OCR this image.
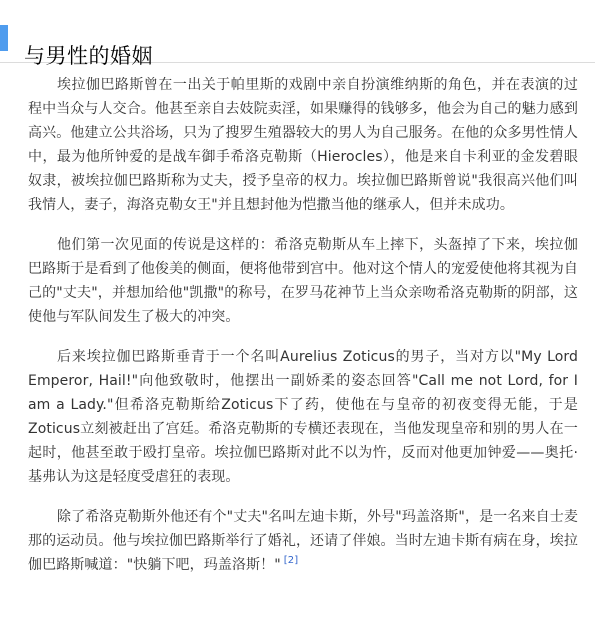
与男性的婚姻

埃拉伽巴路斯曾在一出关于帕里斯的戏剧中亲自扮演维纳斯的角色，并在表演的过程中当众与人交合。他甚至亲自去妓院卖淫，如果赚得的钱够多，他会为自己的魅力感到高兴。他建立公共浴场，只为了搜罗生殖器较大的男人为自己服务。在他的众多男性情人中，最为他所钟爱的是战车御手希洛克勒斯（Hierocles），他是来自卡利亚的金发碧眼奴隶，被埃拉伽巴路斯称为丈夫，授予皇帝的权力。埃拉伽巴路斯曾说"我很高兴他们叫我情人，妻子，海洛克勒女王"并且想封他为恺撒当他的继承人，但并未成功。

他们第一次见面的传说是这样的：希洛克勒斯从车上摔下，头盔掉了下来，埃拉伽巴路斯于是看到了他俊美的侧面，便将他带到宫中。他对这个情人的宠爱使他将其视为自己的"丈夫"，并想加给他"凯撒"的称号，在罗马花神节上当众亲吻希洛克勒斯的阴部，这使他与军队间发生了极大的冲突。

后来埃拉伽巴路斯垂青于一个名叫Aurelius Zoticus的男子，当对方以"My Lord Emperor, Hail!"向他致敬时，他摆出一副娇柔的姿态回答"Call me not Lord, for I am a Lady."但希洛克勒斯给Zoticus下了药，使他在与皇帝的初夜变得无能，于是Zoticus立刻被赶出了宫廷。希洛克勒斯的专横还表现在，当他发现皇帝和别的男人在一起时，他甚至敢于殴打皇帝。埃拉伽巴路斯对此不以为忤，反而对他更加钟爱——奥托·基弗认为这是轻度受虐狂的表现。

除了希洛克勒斯外他还有个"丈夫"名叫左迪卡斯，外号"玛盖洛斯"，是一名来自士麦那的运动员。他与埃拉伽巴路斯举行了婚礼，还请了伴娘。当时左迪卡斯有病在身，埃拉伽巴路斯喊道："快躺下吧，玛盖洛斯！" [2]
